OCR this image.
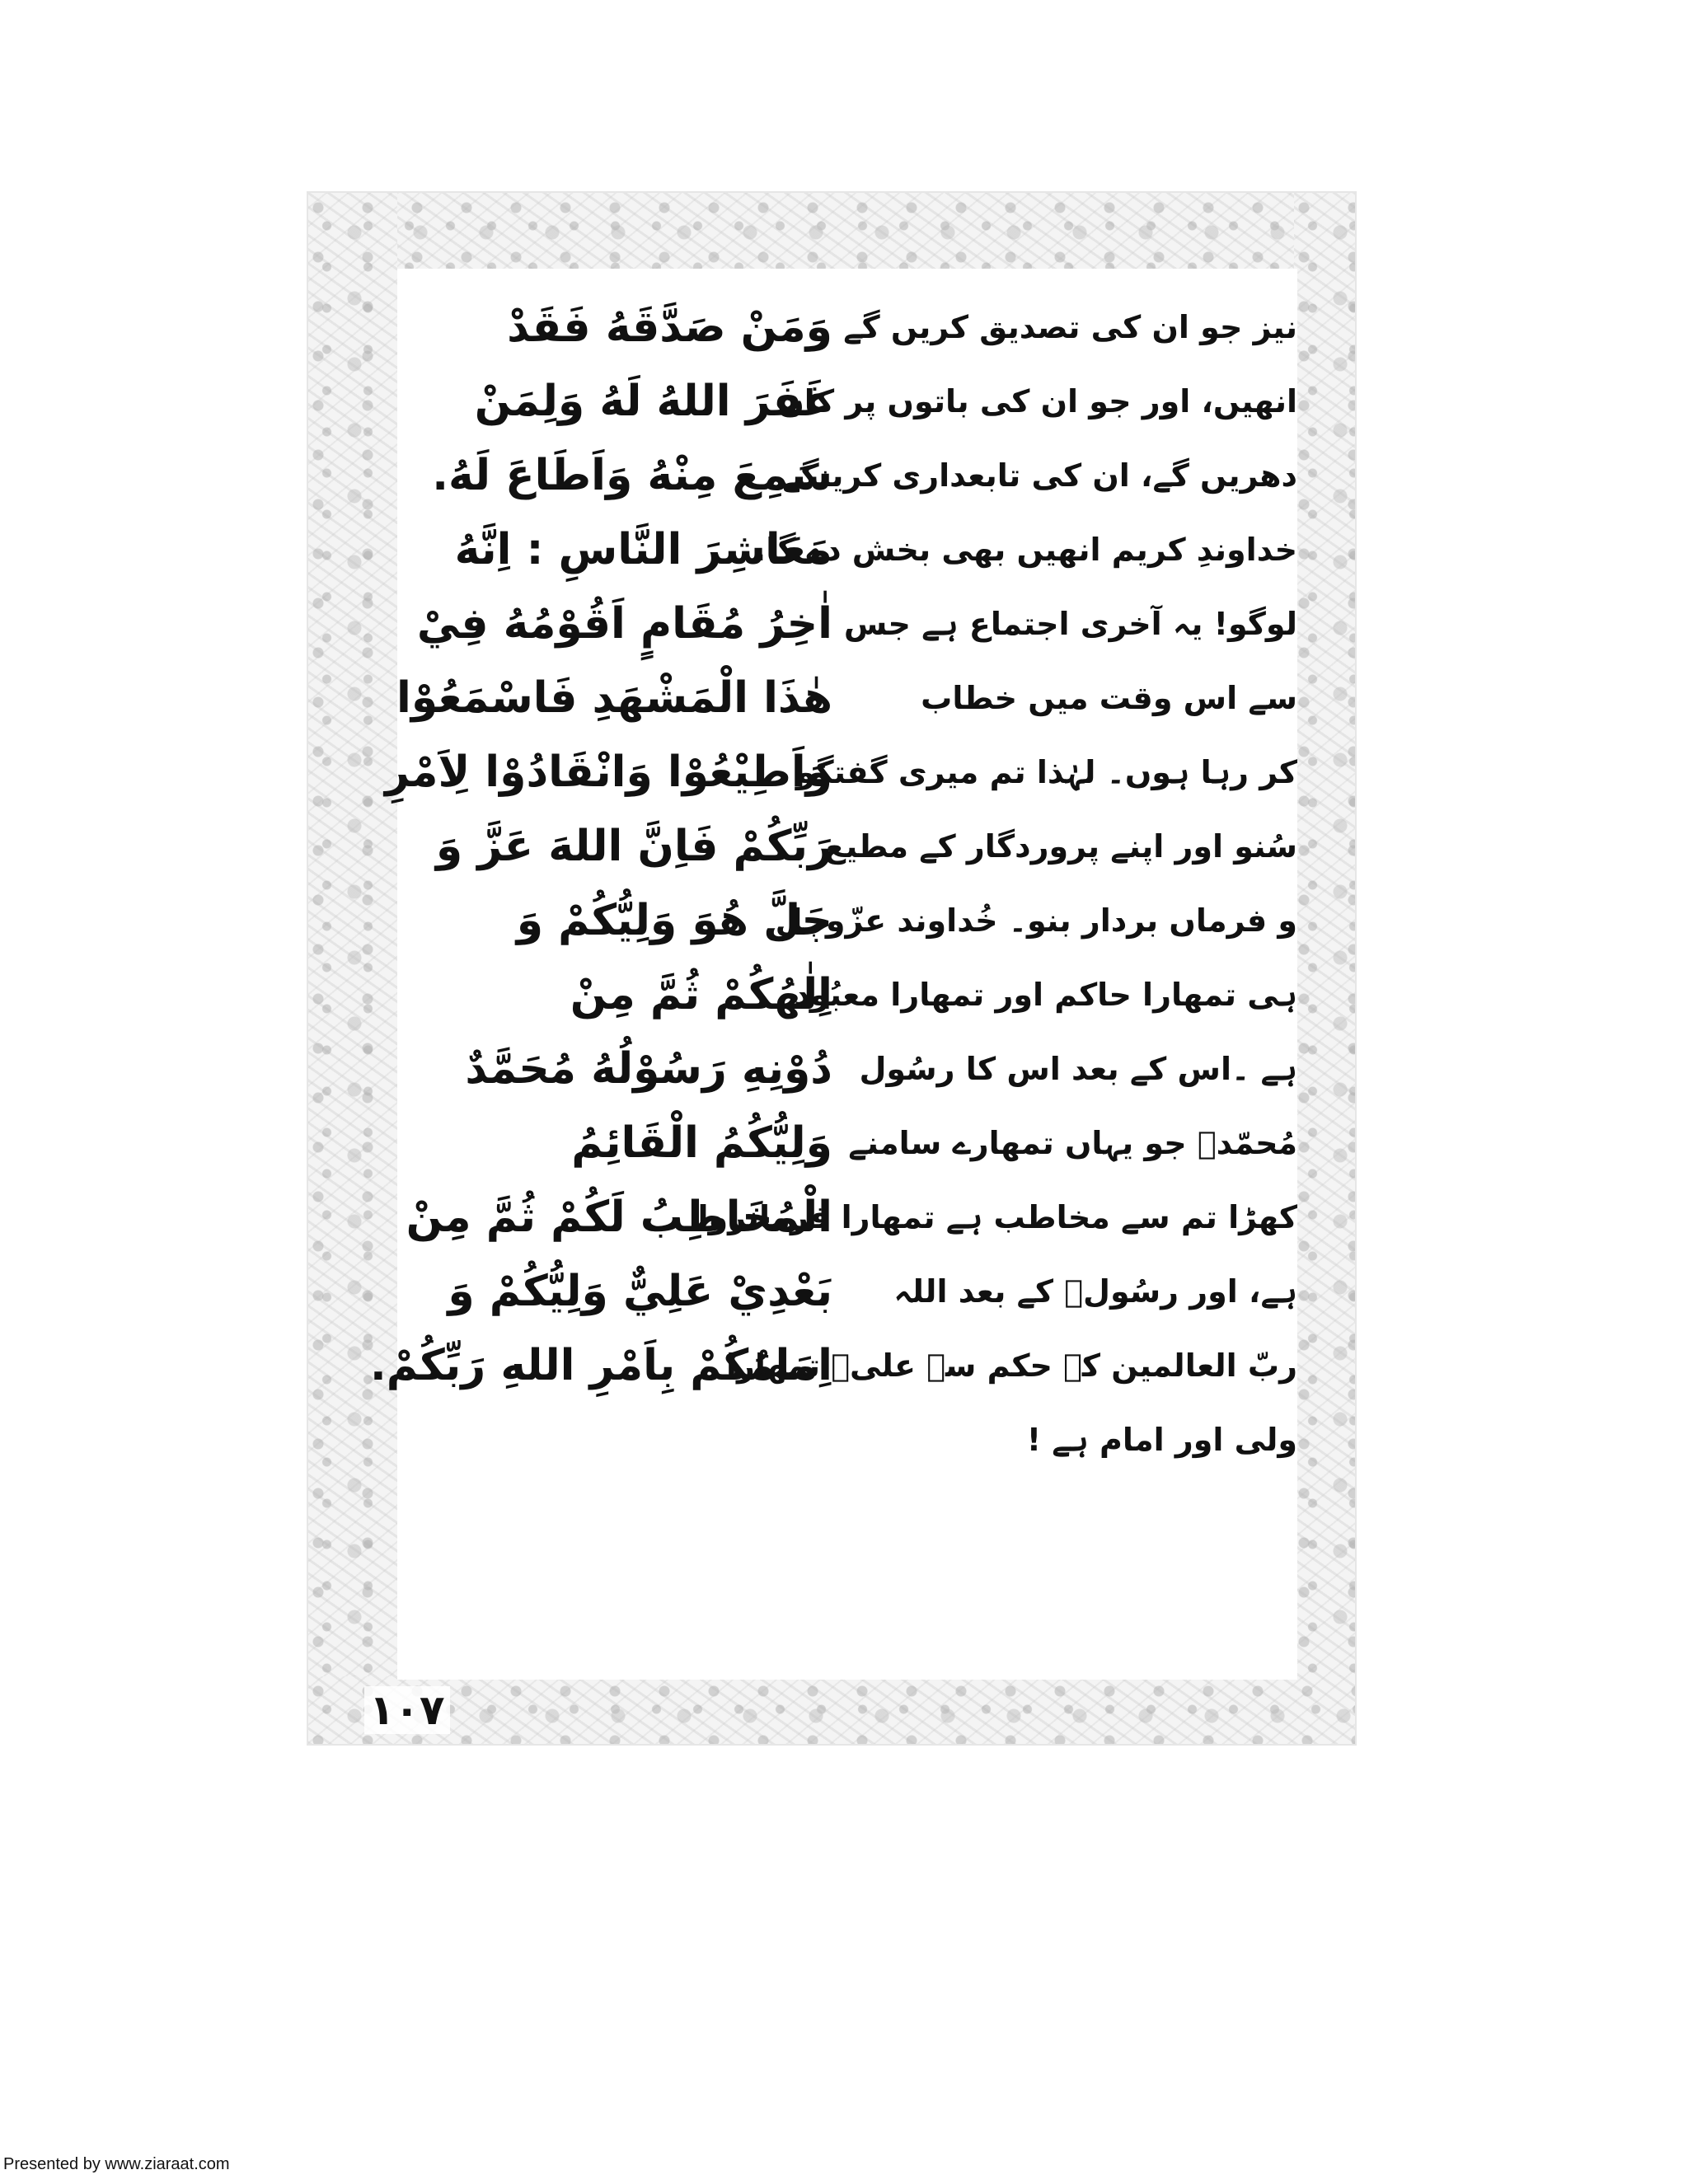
وَمَنْ صَدَّقَهُ فَقَدْ
غَفَرَ اللهُ لَهُ وَلِمَنْ
سَمِعَ مِنْهُ وَاَطَاعَ لَهُ.
مَعَاشِرَ النَّاسِ : اِنَّهُ
اٰخِرُ مُقَامٍ اَقُوْمُهُ فِيْ
هٰذَا الْمَشْهَدِ فَاسْمَعُوْا
وَاَطِيْعُوْا وَانْقَادُوْا لِاَمْرِ
رَبِّكُمْ فَاِنَّ اللهَ عَزَّ وَ
جَلَّ هُوَ وَلِيُّكُمْ وَ
اِلٰهُكُمْ ثُمَّ مِنْ
دُوْنِهِ رَسُوْلُهُ مُحَمَّدٌ
وَلِيُّكُمُ الْقَائِمُ
الْمُخَاطِبُ لَكُمْ ثُمَّ مِنْ
بَعْدِيْ عَلِيٌّ وَلِيُّكُمْ وَ
اِمَامُكُمْ بِاَمْرِ اللهِ رَبِّكُمْ.
نیز جو ان کی تصدیق کریں گے
انھیں، اور جو ان کی باتوں پر کان
دھریں گے، ان کی تابعداری کرینگے
خداوندِ کریم انھیں بھی بخش دے گا.
لوگو! یہ آخری اجتماع ہے جس
سے اس وقت میں خطاب
کر رہا ہوں۔ لہٰذا تم میری گفتگو
سُنو اور اپنے پروردگار کے مطیع
و فرماں بردار بنو۔ خُداوند عزّوجل
ہی تمھارا حاکم اور تمھارا معبُود
ہے ۔اس کے بعد اس کا رسُول
مُحمّدؐ جو یہاں تمھارے سامنے
کھڑا تم سے مخاطب ہے تمھارا فرمانروا
ہے، اور رسُولؐ کے بعد اللہ
ربّ العالمین کے حکم سے علیؑ تمھارا
ولی اور امام ہے !
۱۰۷
Presented by www.ziaraat.com
